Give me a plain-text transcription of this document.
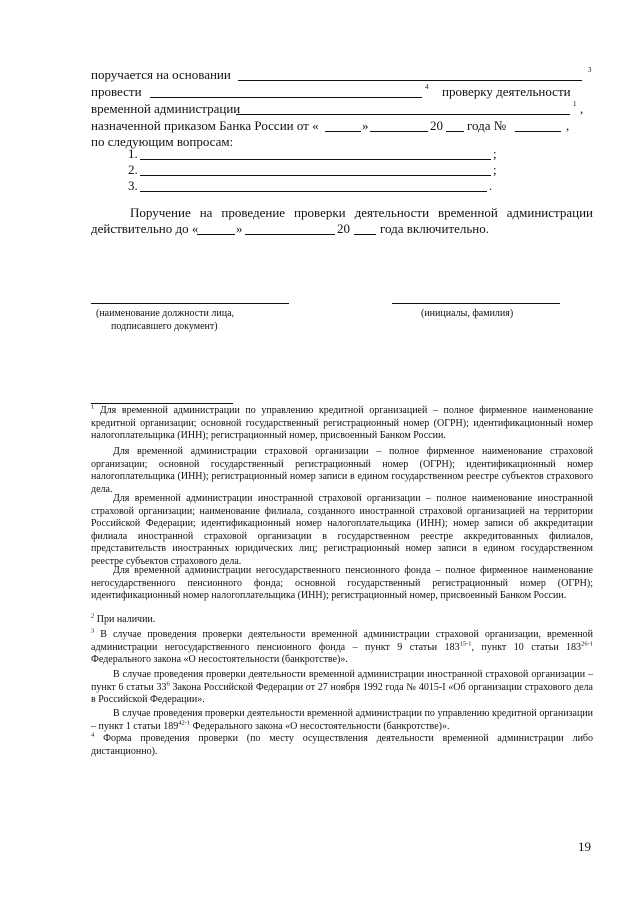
поручается на основании	3
провести	4 проверку деятельности
временной администрации	1 ,
назначенной приказом Банка России от «	»	20 года №	,
по следующим вопросам:
1.	;
2.	;
3.	.
Поручение на проведение проверки деятельности временной администрации
действительно до «	»	20 года включительно.
(наименование должности лица,
подписавшего документ)
(инициалы, фамилия)
$^1$ Для временной администрации по управлению кредитной организацией – полное фирменное наименование кредитной организации; основной государственный регистрационный номер (ОГРН); идентификационный номер налогоплательщика (ИНН); регистрационный номер, присвоенный Банком России.
Для временной администрации страховой организации – полное фирменное наименование страховой организации; основной государственный регистрационный номер (ОГРН); идентификационный номер налогоплательщика (ИНН); регистрационный номер записи в едином государственном реестре субъектов страхового дела.
Для временной администрации иностранной страховой организации – полное наименование иностранной страховой организации; наименование филиала, созданного иностранной страховой организацией на территории Российской Федерации; идентификационный номер налогоплательщика (ИНН); номер записи об аккредитации филиала иностранной страховой организации в государственном реестре аккредитованных филиалов, представительств иностранных юридических лиц; регистрационный номер записи в едином государственном реестре субъектов страхового дела.
Для временной администрации негосударственного пенсионного фонда – полное фирменное наименование негосударственного пенсионного фонда; основной государственный регистрационный номер (ОГРН); идентификационный номер налогоплательщика (ИНН); регистрационный номер, присвоенный Банком России.
$^2$ При наличии.
$^3$ В случае проведения проверки деятельности временной администрации страховой организации, временной администрации негосударственного пенсионного фонда – пункт 9 статьи 183$^{15-1}$, пункт 10 статьи 183$^{26-1}$ Федерального закона «О несостоятельности (банкротстве)».
В случае проведения проверки деятельности временной администрации иностранной страховой организации – пункт 6 статьи $33^6$ Закона Российской Федерации от 27 ноября 1992 года № 4015-I «Об организации страхового дела в Российской Федерации».
В случае проведения проверки деятельности временной администрации по управлению кредитной организации – пункт 1 статьи 189$^{42-1}$ Федерального закона «О несостоятельности (банкротстве)».
$^4$ Форма проведения проверки (по месту осуществления деятельности временной администрации либо дистанционно).
19
